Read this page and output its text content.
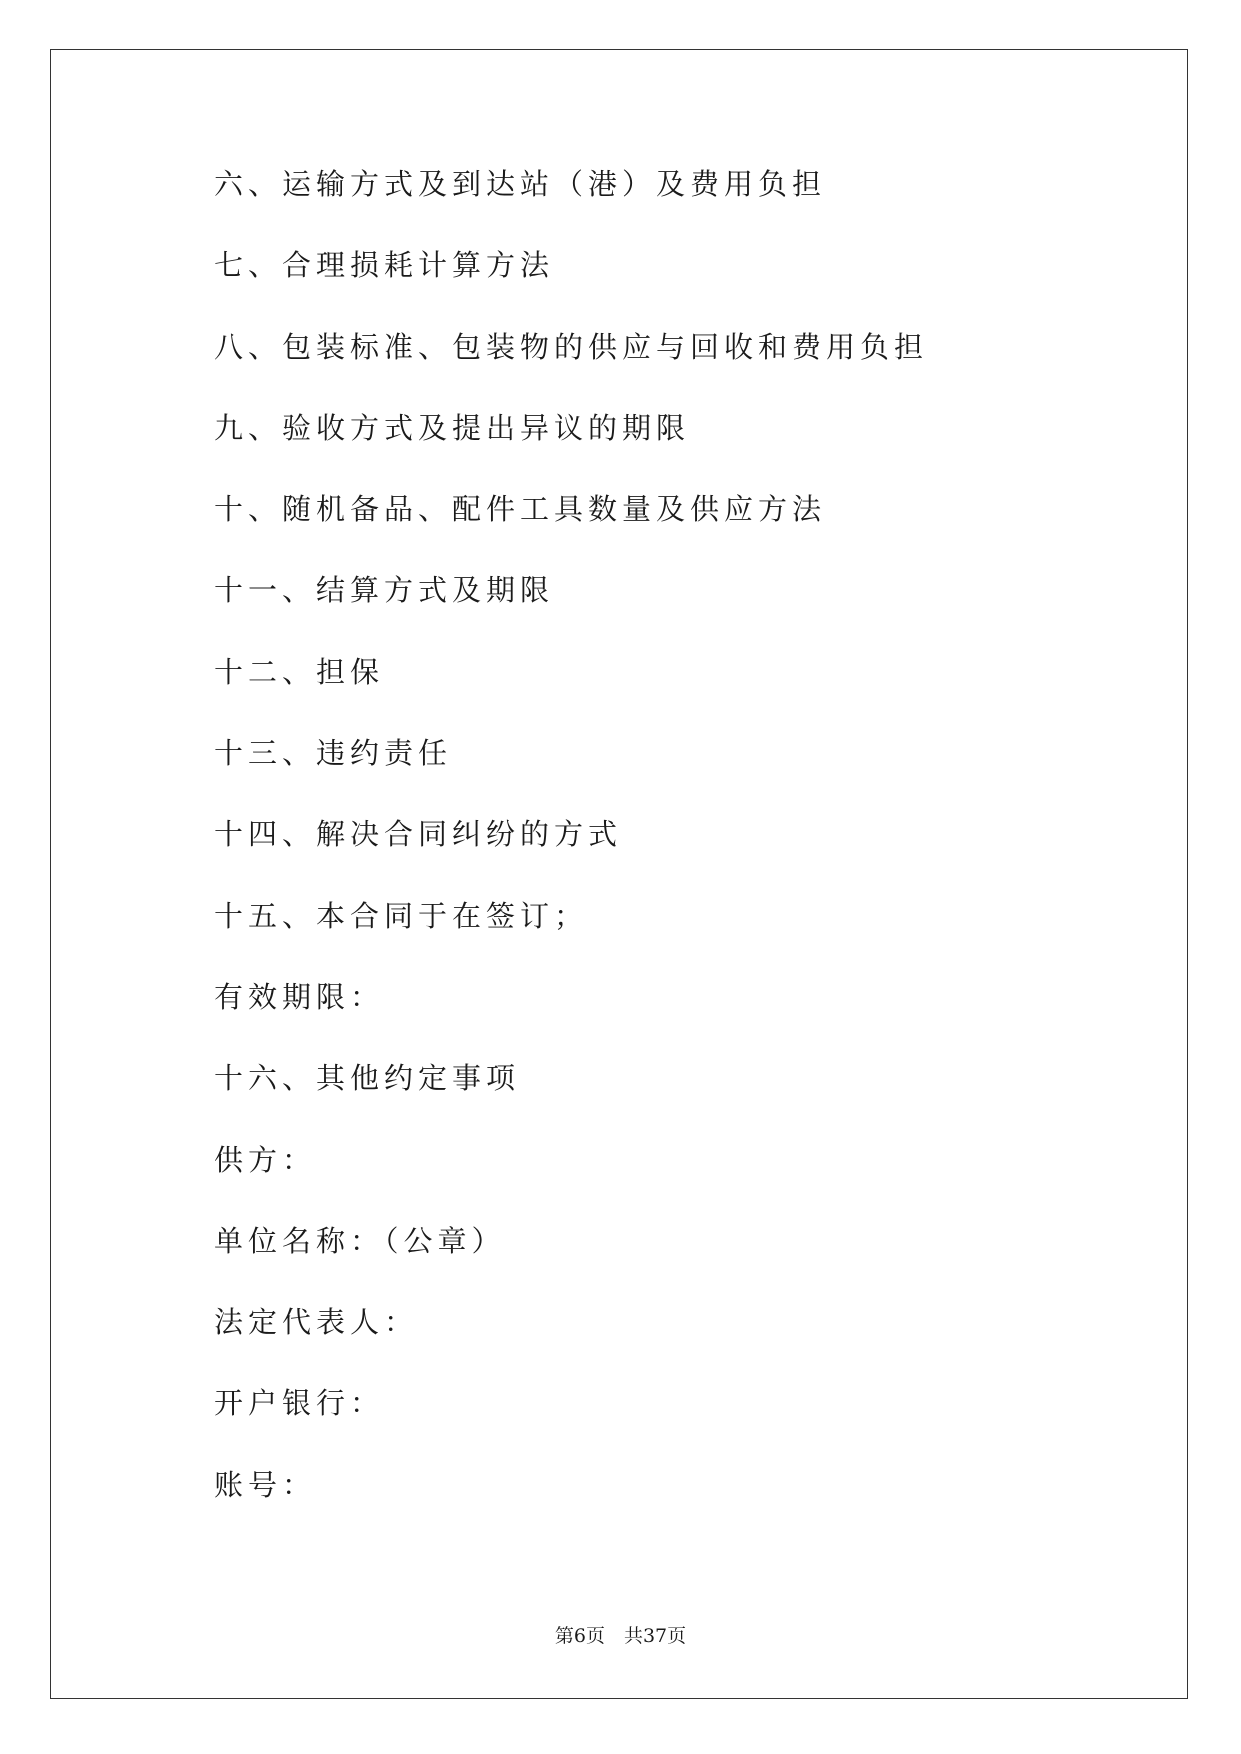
六、运输方式及到达站（港）及费用负担
七、合理损耗计算方法
八、包装标准、包装物的供应与回收和费用负担
九、验收方式及提出异议的期限
十、随机备品、配件工具数量及供应方法
十一、结算方式及期限
十二、担保
十三、违约责任
十四、解决合同纠纷的方式
十五、本合同于在签订；
有效期限：
十六、其他约定事项
供方：
单位名称：（公章）
法定代表人：
开户银行：
账号：
第6页　共37页
